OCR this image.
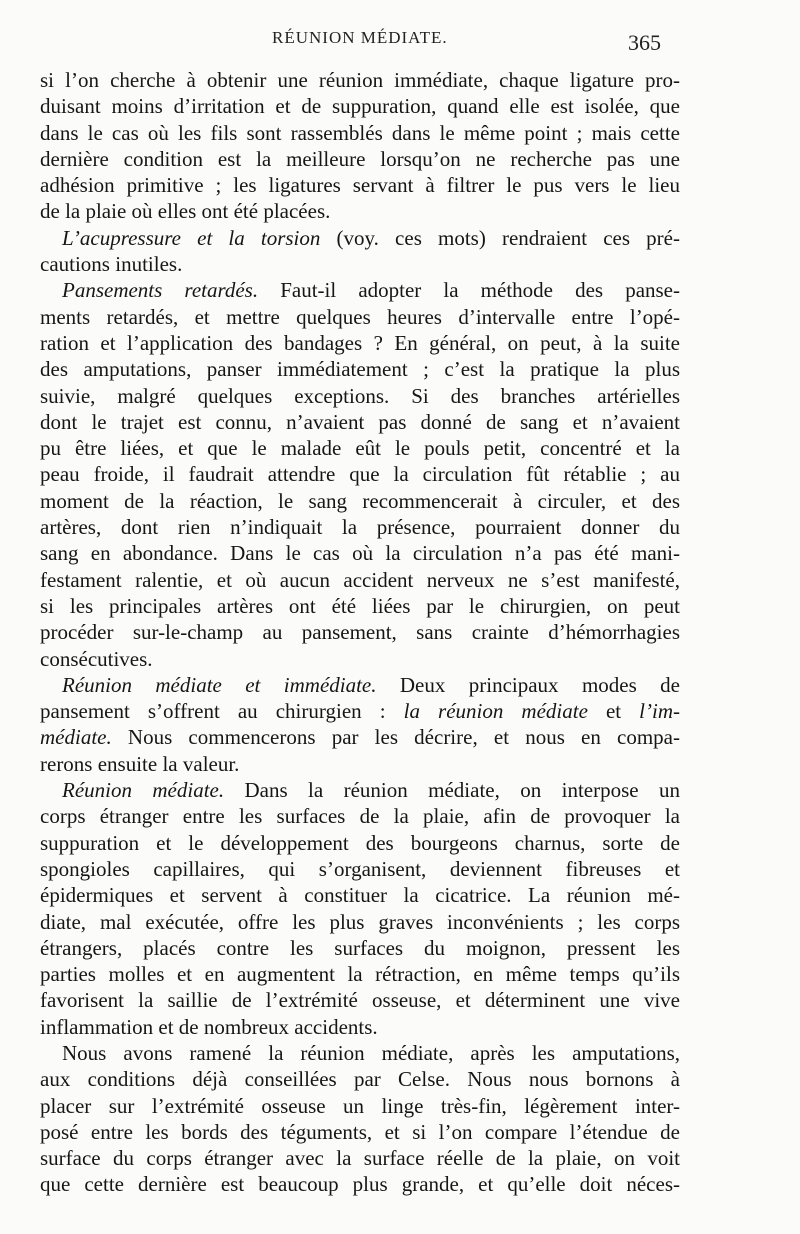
RÉUNION MÉDIATE.	365
si l’on cherche à obtenir une réunion immédiate, chaque ligature pro-
duisant moins d’irritation et de suppuration, quand elle est isolée, que
dans le cas où les fils sont rassemblés dans le même point ; mais cette
dernière condition est la meilleure lorsqu’on ne recherche pas une
adhésion primitive ; les ligatures servant à filtrer le pus vers le lieu
de la plaie où elles ont été placées.
L’acupressure et la torsion (voy. ces mots) rendraient ces pré-
cautions inutiles.
Pansements retardés. Faut-il adopter la méthode des panse-
ments retardés, et mettre quelques heures d’intervalle entre l’opé-
ration et l’application des bandages ? En général, on peut, à la suite
des amputations, panser immédiatement ; c’est la pratique la plus
suivie, malgré quelques exceptions. Si des branches artérielles
dont le trajet est connu, n’avaient pas donné de sang et n’avaient
pu être liées, et que le malade eût le pouls petit, concentré et la
peau froide, il faudrait attendre que la circulation fût rétablie ; au
moment de la réaction, le sang recommencerait à circuler, et des
artères, dont rien n’indiquait la présence, pourraient donner du
sang en abondance. Dans le cas où la circulation n’a pas été mani-
festament ralentie, et où aucun accident nerveux ne s’est manifesté,
si les principales artères ont été liées par le chirurgien, on peut
procéder sur-le-champ au pansement, sans crainte d’hémorrhagies
consécutives.
Réunion médiate et immédiate. Deux principaux modes de
pansement s’offrent au chirurgien : la réunion médiate et l’im-
médiate. Nous commencerons par les décrire, et nous en compa-
rerons ensuite la valeur.
Réunion médiate. Dans la réunion médiate, on interpose un
corps étranger entre les surfaces de la plaie, afin de provoquer la
suppuration et le développement des bourgeons charnus, sorte de
spongioles capillaires, qui s’organisent, deviennent fibreuses et
épidermiques et servent à constituer la cicatrice. La réunion mé-
diate, mal exécutée, offre les plus graves inconvénients ; les corps
étrangers, placés contre les surfaces du moignon, pressent les
parties molles et en augmentent la rétraction, en même temps qu’ils
favorisent la saillie de l’extrémité osseuse, et déterminent une vive
inflammation et de nombreux accidents.
Nous avons ramené la réunion médiate, après les amputations,
aux conditions déjà conseillées par Celse. Nous nous bornons à
placer sur l’extrémité osseuse un linge très-fin, légèrement inter-
posé entre les bords des téguments, et si l’on compare l’étendue de
surface du corps étranger avec la surface réelle de la plaie, on voit
que cette dernière est beaucoup plus grande, et qu’elle doit néces-
